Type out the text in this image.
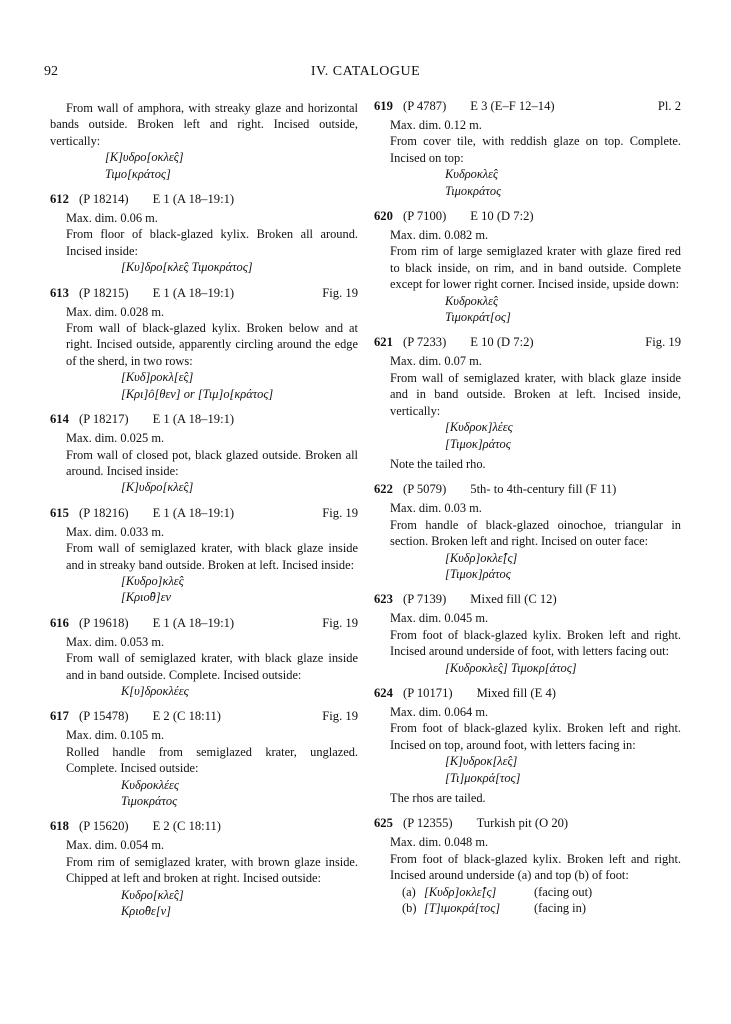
92	IV. CATALOGUE

From wall of amphora, with streaky glaze and horizontal bands outside. Broken left and right. Incised outside, vertically:

[Κ]υδρο[οκλε̂ς]
Τιμο[κράτος]
612 (P 18214) E 1 (A 18–19:1)

Max. dim. 0.06 m.

From floor of black-glazed kylix. Broken all around. Incised inside:

[Κυ]δρο[κλε̂ς Τιμοκράτος]
613 (P 18215) E 1 (A 18–19:1)	Fig. 19

Max. dim. 0.028 m.

From wall of black-glazed kylix. Broken below and at right. Incised outside, apparently circling around the edge of the sherd, in two rows:

[Κυδ]ροκλ[ε̂ς]
[Κρι]ô[θεν] or [Τιμ]ο[κράτος]
614 (P 18217) E 1 (A 18–19:1)

Max. dim. 0.025 m.

From wall of closed pot, black glazed outside. Broken all around. Incised inside:

[Κ]υδρο[κλε̂ς]
615 (P 18216) E 1 (A 18–19:1)	Fig. 19

Max. dim. 0.033 m.

From wall of semiglazed krater, with black glaze inside and in streaky band outside. Broken at left. Incised inside:

[Κυδρο]κλε̂ς
[Κριο̂θ]εν
616 (P 19618) E 1 (A 18–19:1)	Fig. 19

Max. dim. 0.053 m.

From wall of semiglazed krater, with black glaze inside and in band outside. Complete. Incised outside:

Κ[υ]δροκλέες
617 (P 15478) E 2 (C 18:11)	Fig. 19

Max. dim. 0.105 m.

Rolled handle from semiglazed krater, unglazed. Complete. Incised outside:

Κυδροκλέες
Τιμοκράτος
618 (P 15620) E 2 (C 18:11)

Max. dim. 0.054 m.

From rim of semiglazed krater, with brown glaze inside. Chipped at left and broken at right. Incised outside:

Κυδρο[κλε̂ς]
Κριο̂θε[ν]
619 (P 4787) E 3 (E–F 12–14)	Pl. 2

Max. dim. 0.12 m.

From cover tile, with reddish glaze on top. Complete. Incised on top:

Κυδροκλε̂ς
Τιμοκράτος
620 (P 7100) E 10 (D 7:2)

Max. dim. 0.082 m.

From rim of large semiglazed krater with glaze fired red to black inside, on rim, and in band outside. Complete except for lower right corner. Incised inside, upside down:

Κυδροκλε̂ς
Τιμοκράτ[ος]
621 (P 7233) E 10 (D 7:2)	Fig. 19

Max. dim. 0.07 m.

From wall of semiglazed krater, with black glaze inside and in band outside. Broken at left. Incised inside, vertically:

[Κυδροκ]λέες
[Τιμοκ]ράτος

Note the tailed rho.

622 (P 5079) 5th- to 4th-century fill (F 11)

Max. dim. 0.03 m.

From handle of black-glazed oinochoe, triangular in section. Broken left and right. Incised on outer face:

[Κυδρ]οκλε̂[ς]
[Τιμοκ]ράτος
623 (P 7139) Mixed fill (C 12)

Max. dim. 0.045 m.

From foot of black-glazed kylix. Broken left and right. Incised around underside of foot, with letters facing out:

[Κυδροκλε̂ς] Τιμοκρ[άτος]
624 (P 10171) Mixed fill (E 4)

Max. dim. 0.064 m.

From foot of black-glazed kylix. Broken left and right. Incised on top, around foot, with letters facing in:

[Κ]υδροκ[λε̂ς]
[Τι]μοκρά[τος]

The rhos are tailed.

625 (P 12355) Turkish pit (O 20)

Max. dim. 0.048 m.

From foot of black-glazed kylix. Broken left and right. Incised around underside (a) and top (b) of foot:

(a) [Κυδρ]οκλε̂[ς]	(facing out)
(b) [Τ]ιμοκρά[τος]	(facing in)
